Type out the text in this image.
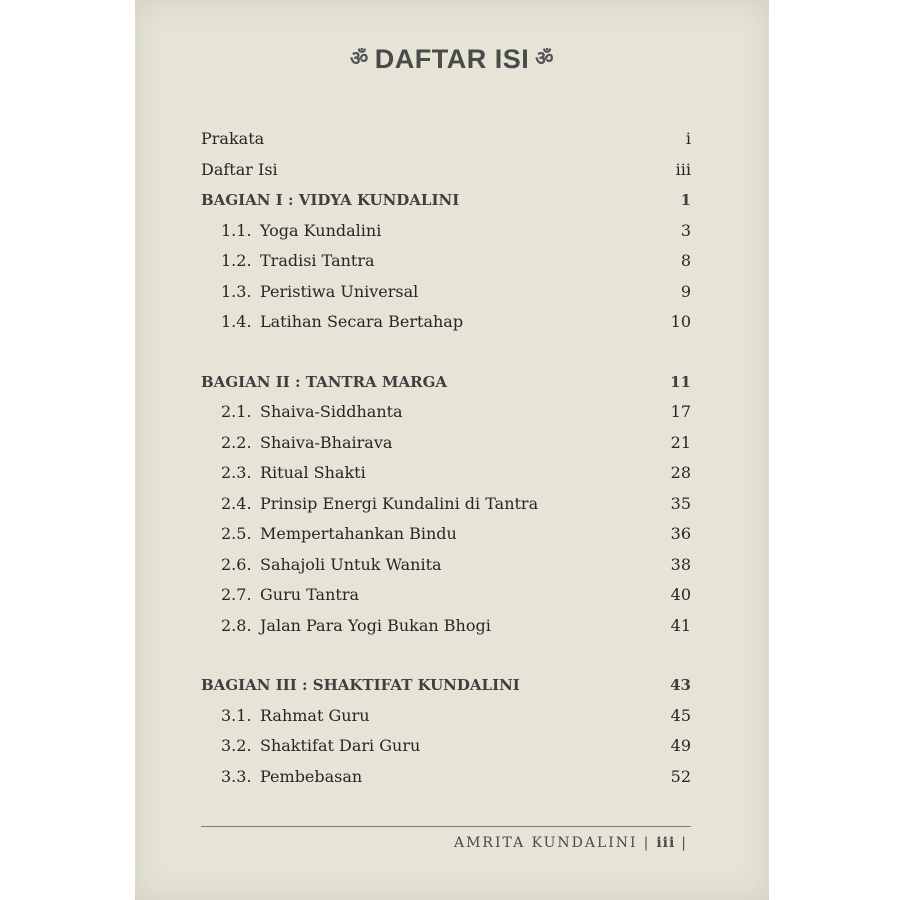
ॐ DAFTAR ISI ॐ
Prakata	i
Daftar Isi	iii
BAGIAN I : VIDYA KUNDALINI	1
1.1. Yoga Kundalini	3
1.2. Tradisi Tantra	8
1.3. Peristiwa Universal	9
1.4. Latihan Secara Bertahap	10
BAGIAN II : TANTRA MARGA	11
2.1. Shaiva-Siddhanta	17
2.2. Shaiva-Bhairava	21
2.3. Ritual Shakti	28
2.4. Prinsip Energi Kundalini di Tantra	35
2.5. Mempertahankan Bindu	36
2.6. Sahajoli Untuk Wanita	38
2.7. Guru Tantra	40
2.8. Jalan Para Yogi Bukan Bhogi	41
BAGIAN III : SHAKTIFAT KUNDALINI	43
3.1. Rahmat Guru	45
3.2. Shaktifat Dari Guru	49
3.3. Pembebasan	52
AMRITA KUNDALINI | iii |
